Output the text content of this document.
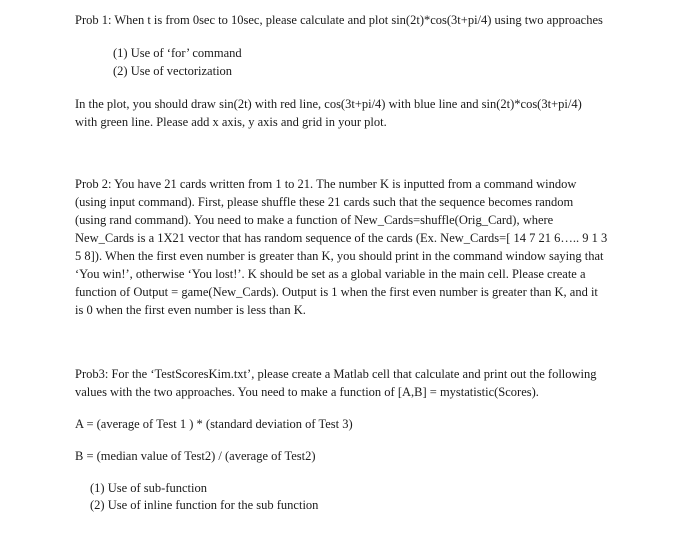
Prob 1: When t is from 0sec to 10sec, please calculate and plot sin(2t)*cos(3t+pi/4) using two approaches
(1) Use of ‘for’ command
(2) Use of vectorization
In the plot, you should draw sin(2t) with red line, cos(3t+pi/4) with blue line and sin(2t)*cos(3t+pi/4)
with green line. Please add x axis, y axis and grid in your plot.
Prob 2: You have 21 cards written from 1 to 21. The number K is inputted from a command window
(using input command). First, please shuffle these 21 cards such that the sequence becomes random
(using rand command). You need to make a function of New_Cards=shuffle(Orig_Card), where
New_Cards is a 1X21 vector that has random sequence of the cards (Ex. New_Cards=[ 14 7 21 6….. 9 1 3
5 8]). When the first even number is greater than K, you should print in the command window saying that
‘You win!’, otherwise ‘You lost!’. K should be set as a global variable in the main cell. Please create a
function of Output = game(New_Cards). Output is 1 when the first even number is greater than K, and it
is 0 when the first even number is less than K.
Prob3: For the ‘TestScoresKim.txt’, please create a Matlab cell that calculate and print out the following
values with the two approaches. You need to make a function of [A,B] = mystatistic(Scores).
A = (average of Test 1 ) * (standard deviation of Test 3)
B = (median value of Test2) / (average of Test2)
(1) Use of sub-function
(2) Use of inline function for the sub function
